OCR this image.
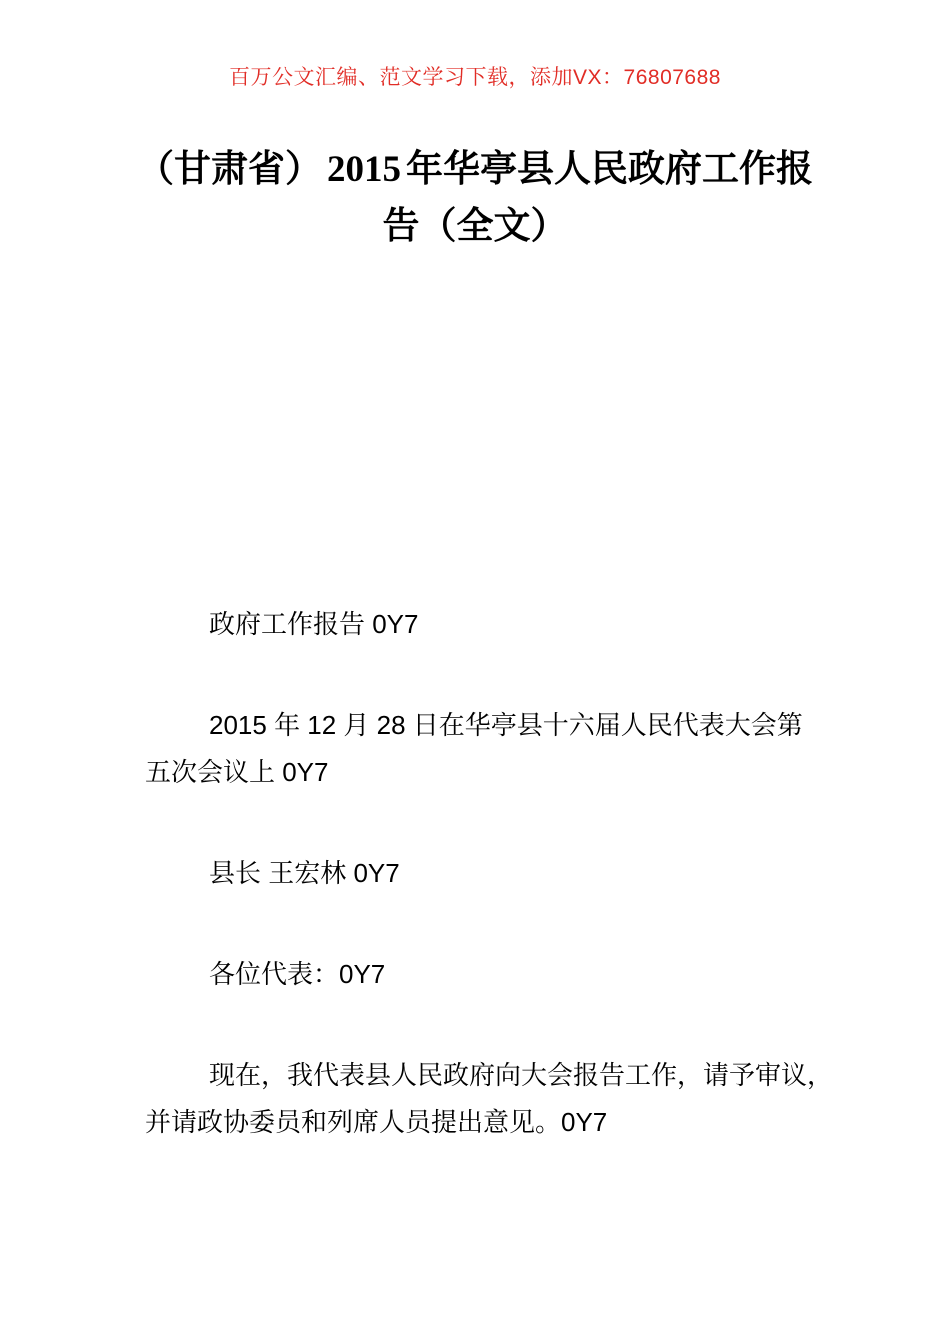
百万公文汇编、范文学习下载，添加VX：76807688
（甘肃省） 2015 年华亭县人民政府工作报
告（全文）

政府工作报告 0Y7

2015 年 12 月 28 日在华亭县十六届人民代表大会第 五次会议上 0Y7

县长 王宏林 0Y7

各位代表：0Y7

现在，我代表县人民政府向大会报告工作，请予审议， 并请政协委员和列席人员提出意见。0Y7
